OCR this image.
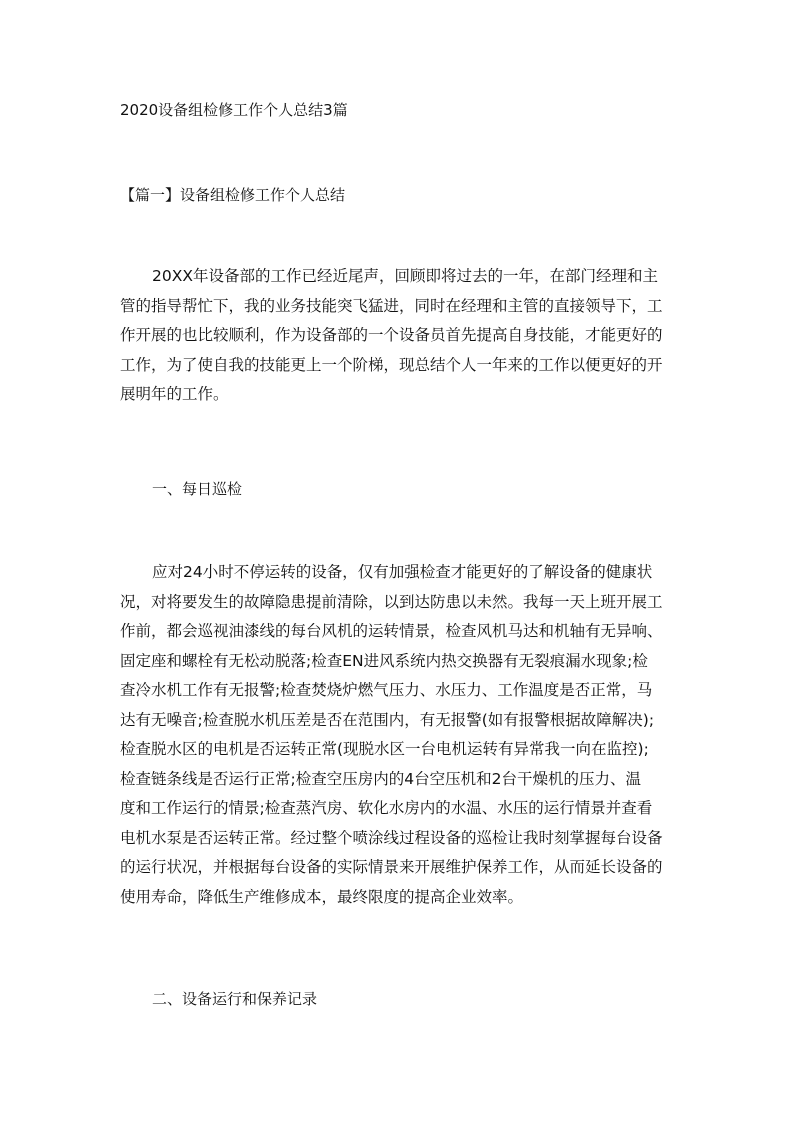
2020设备组检修工作个人总结3篇
【篇一】设备组检修工作个人总结
20XX年设备部的工作已经近尾声，回顾即将过去的一年，在部门经理和主
管的指导帮忙下，我的业务技能突飞猛进，同时在经理和主管的直接领导下，工
作开展的也比较顺利，作为设备部的一个设备员首先提高自身技能，才能更好的
工作，为了使自我的技能更上一个阶梯，现总结个人一年来的工作以便更好的开
展明年的工作。
一、每日巡检
应对24小时不停运转的设备，仅有加强检查才能更好的了解设备的健康状
况，对将要发生的故障隐患提前清除，以到达防患以未然。我每一天上班开展工
作前，都会巡视油漆线的每台风机的运转情景，检查风机马达和机轴有无异响、
固定座和螺栓有无松动脱落;检查EN进风系统内热交换器有无裂痕漏水现象;检
查冷水机工作有无报警;检查焚烧炉燃气压力、水压力、工作温度是否正常，马
达有无噪音;检查脱水机压差是否在范围内，有无报警(如有报警根据故障解决);
检查脱水区的电机是否运转正常(现脱水区一台电机运转有异常我一向在监控);
检查链条线是否运行正常;检查空压房内的4台空压机和2台干燥机的压力、温
度和工作运行的情景;检查蒸汽房、软化水房内的水温、水压的运行情景并查看
电机水泵是否运转正常。经过整个喷涂线过程设备的巡检让我时刻掌握每台设备
的运行状况，并根据每台设备的实际情景来开展维护保养工作，从而延长设备的
使用寿命，降低生产维修成本，最终限度的提高企业效率。
二、设备运行和保养记录
